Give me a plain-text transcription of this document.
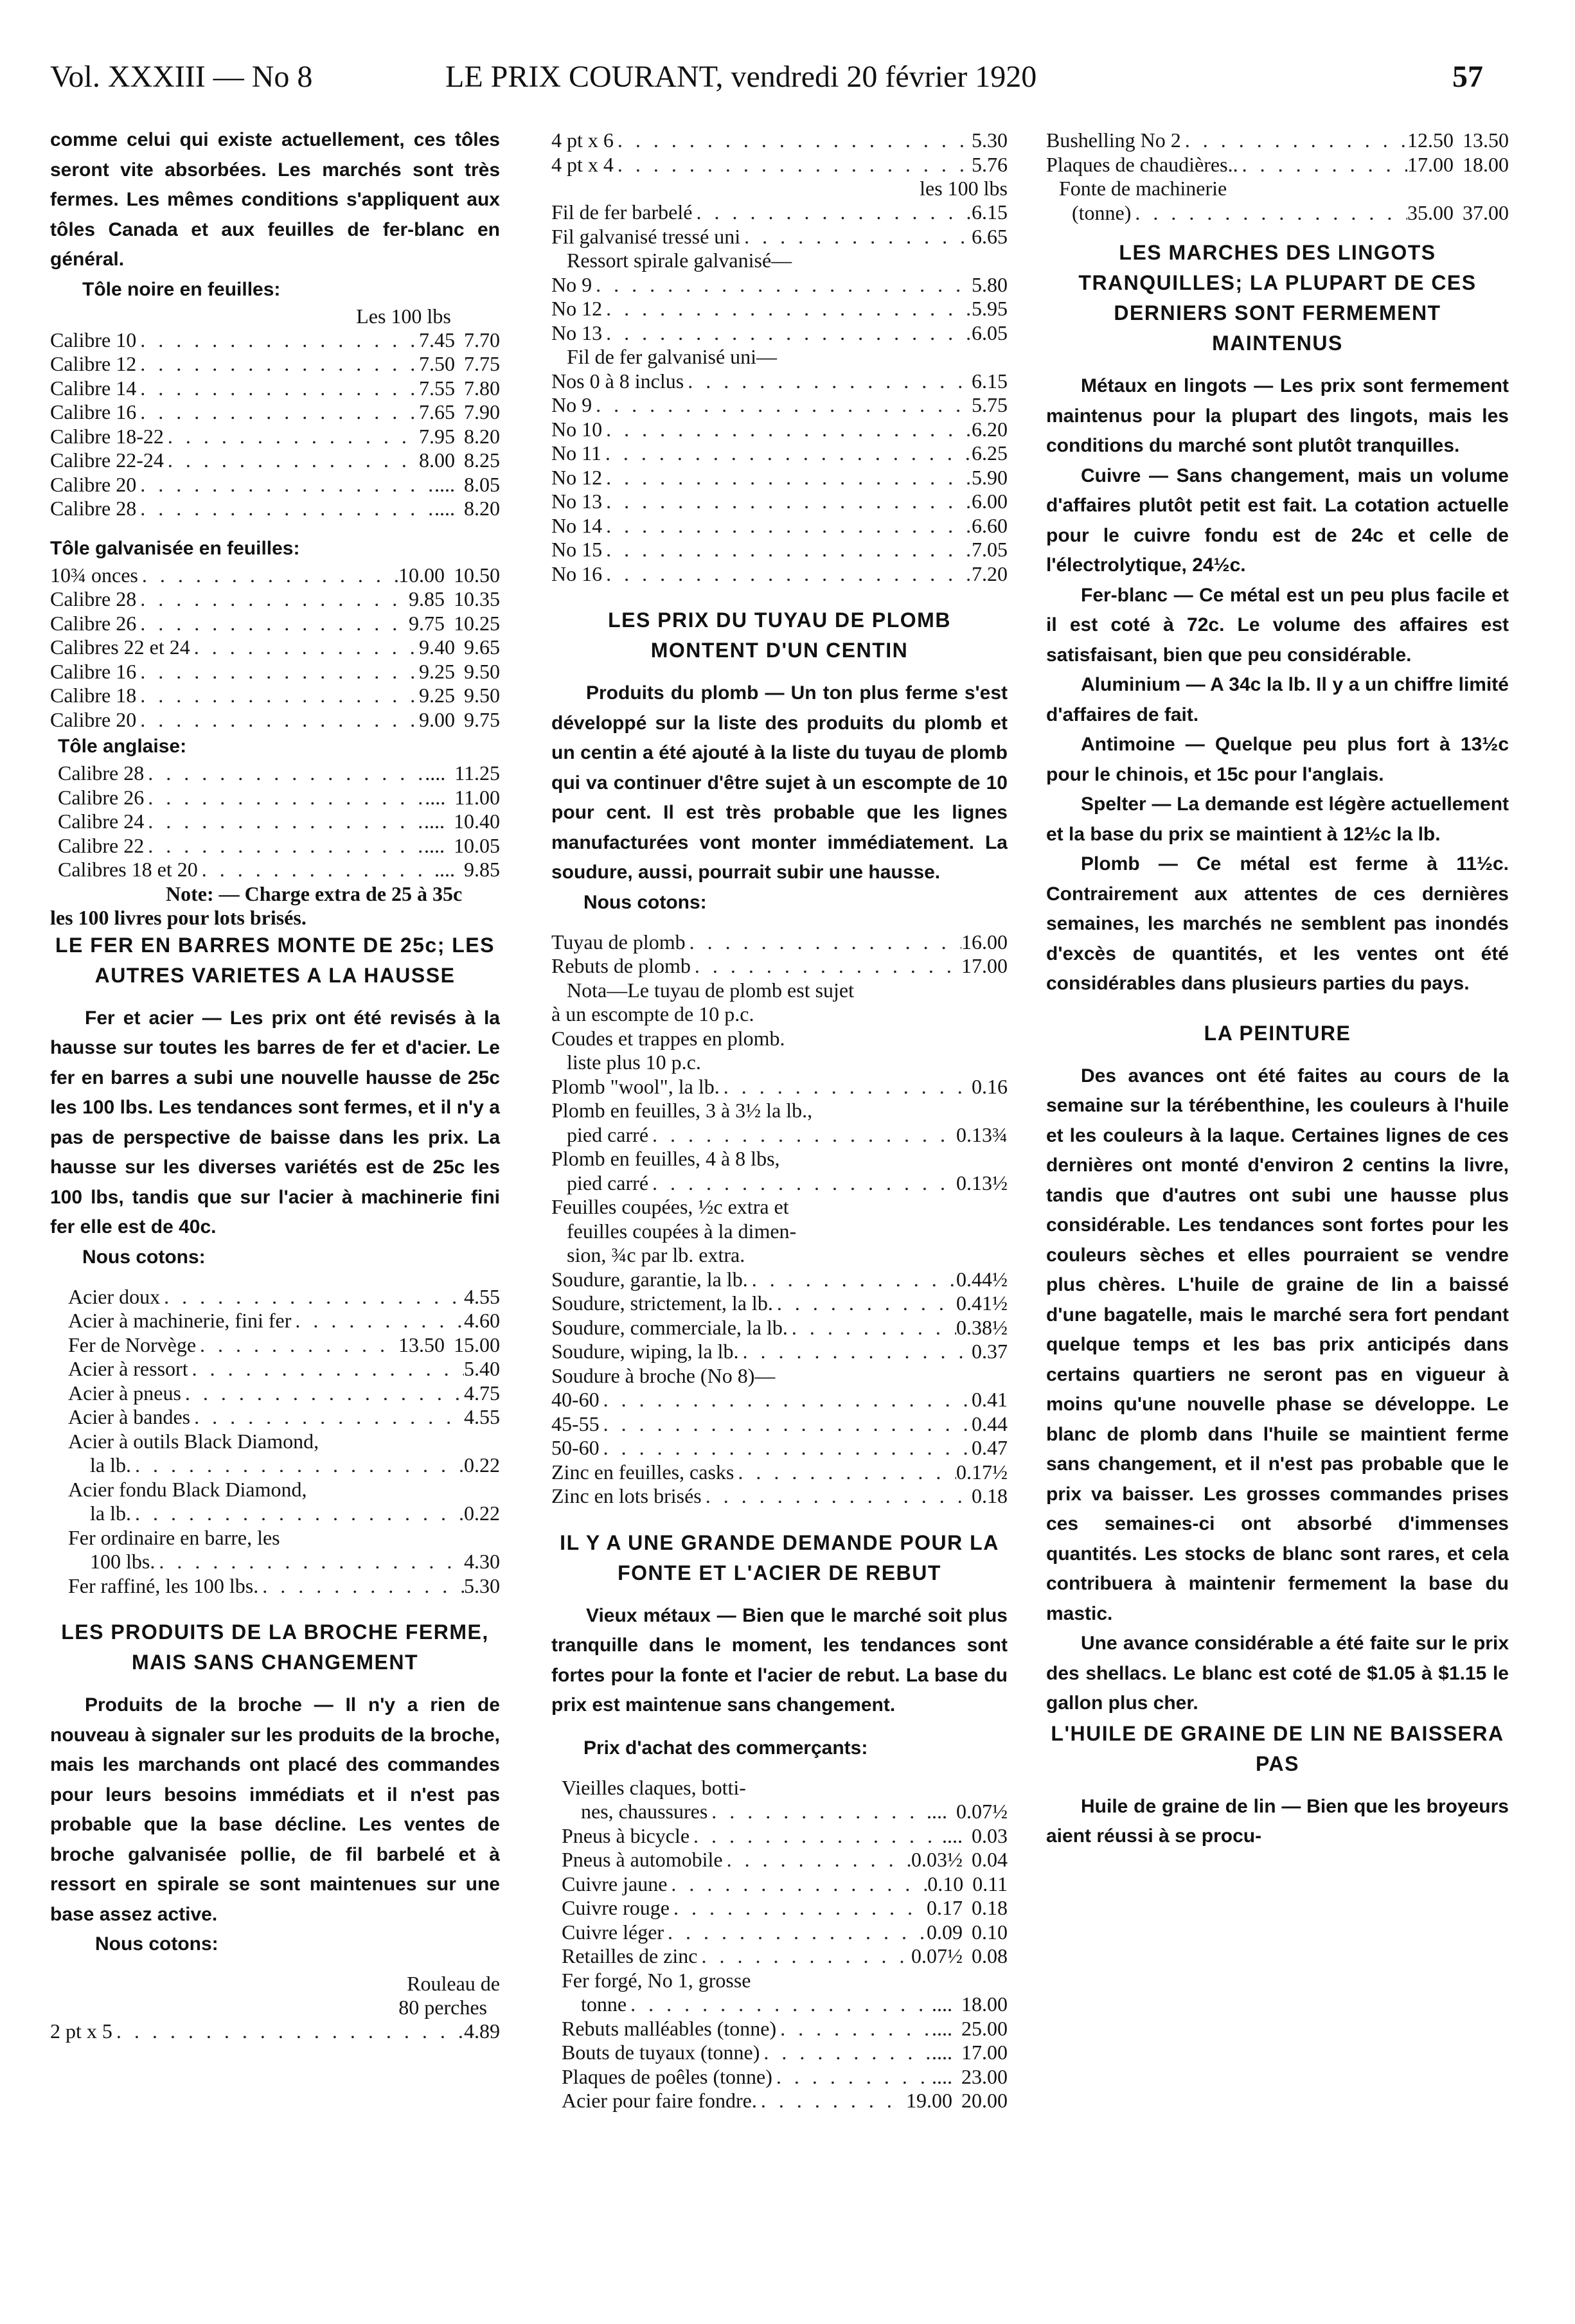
Vol. XXXIII — No 8	LE PRIX COURANT, vendredi 20 février 1920	57

comme celui qui existe actuellement, ces tôles seront vite absorbées. Les marchés sont très fermes. Les mêmes conditions s'appliquent aux tôles Canada et aux feuilles de fer-blanc en général.

Tôle noire en feuilles:
Les 100 lbs
Calibre 10 . . .	7.45 7.70
Calibre 12 . . .	7.50 7.75
Calibre 14 . . .	7.55 7.80
Calibre 16 . . .	7.65 7.90
Calibre 18-22 . . .	7.95 8.20
Calibre 22-24 . . .	8.00 8.25
Calibre 20 . . .	.... 8.05
Calibre 28 . . .	.... 8.20
Tôle galvanisée en feuilles:
10¾ onces . . .	10.00 10.50
Calibre 28 . . .	9.85 10.35
Calibre 26 . . .	9.75 10.25
Calibres 22 et 24 . . .	9.40 9.65
Calibre 16 . . .	9.25 9.50
Calibre 18 . . .	9.25 9.50
Calibre 20 . . .	9.00 9.75
Tôle anglaise:
Calibre 28 . . .	.... 11.25
Calibre 26 . . .	.... 11.00
Calibre 24 . . .	.... 10.40
Calibre 22 . . .	.... 10.05
Calibres 18 et 20 . . .	.... 9.85
Note: — Charge extra de 25 à 35c
les 100 livres pour lots brisés.
LE FER EN BARRES MONTE DE 25c; LES AUTRES VARIETES A LA HAUSSE

Fer et acier — Les prix ont été revisés à la hausse sur toutes les barres de fer et d'acier. Le fer en barres a subi une nouvelle hausse de 25c les 100 lbs. Les tendances sont fermes, et il n'y a pas de perspective de baisse dans les prix. La hausse sur les diverses variétés est de 25c les 100 lbs, tandis que sur l'acier à machinerie fini fer elle est de 40c.

Nous cotons:
Acier doux . . .	4.55
Acier à machinerie, fini fer . . .	4.60
Fer de Norvège . . .	13.50 15.00
Acier à ressort . . .	5.40
Acier à pneus . . .	4.75
Acier à bandes . . .	4.55
Acier à outils Black Diamond,
la lb. . . .	0.22
Acier fondu Black Diamond,
la lb. . . .	0.22
Fer ordinaire en barre, les
100 lbs. . . .	4.30
Fer raffiné, les 100 lbs. . . .	5.30
LES PRODUITS DE LA BROCHE FERME, MAIS SANS CHANGEMENT

Produits de la broche — Il n'y a rien de nouveau à signaler sur les produits de la broche, mais les marchands ont placé des commandes pour leurs besoins immédiats et il n'est pas probable que la base décline. Les ventes de broche galvanisée pollie, de fil barbelé et à ressort en spirale se sont maintenues sur une base assez active.

Nous cotons:
Rouleau de
80 perches
2 pt x 5 . . .	4.89
4 pt x 6 . . .	5.30
4 pt x 4 . . .	5.76
les 100 lbs
Fil de fer barbelé . . .	6.15
Fil galvanisé tressé uni . . .	6.65
Ressort spirale galvanisé—
No 9 . . .	5.80
No 12 . . .	5.95
No 13 . . .	6.05
Fil de fer galvanisé uni—
Nos 0 à 8 inclus . . .	6.15
No 9 . . .	5.75
No 10 . . .	6.20
No 11 . . .	6.25
No 12 . . .	5.90
No 13 . . .	6.00
No 14 . . .	6.60
No 15 . . .	7.05
No 16 . . .	7.20
LES PRIX DU TUYAU DE PLOMB MONTENT D'UN CENTIN

Produits du plomb — Un ton plus ferme s'est développé sur la liste des produits du plomb et un centin a été ajouté à la liste du tuyau de plomb qui va continuer d'être sujet à un escompte de 10 pour cent. Il est très probable que les lignes manufacturées vont monter immédiatement. La soudure, aussi, pourrait subir une hausse.

Nous cotons:
Tuyau de plomb . . .	16.00
Rebuts de plomb . . .	17.00
Nota—Le tuyau de plomb est sujet
à un escompte de 10 p.c.
Coudes et trappes en plomb.
liste plus 10 p.c.
Plomb "wool", la lb. . . .	0.16
Plomb en feuilles, 3 à 3½ la lb.,
pied carré . . .	0.13¾
Plomb en feuilles, 4 à 8 lbs,
pied carré . . .	0.13½
Feuilles coupées, ½c extra et
feuilles coupées à la dimen-
sion, ¾c par lb. extra.
Soudure, garantie, la lb. . . .	0.44½
Soudure, strictement, la lb. . . .	0.41½
Soudure, commerciale, la lb. . . .	0.38½
Soudure, wiping, la lb. . . .	0.37
Soudure à broche (No 8)—
40-60 . . .	0.41
45-55 . . .	0.44
50-60 . . .	0.47
Zinc en feuilles, casks . . .	0.17½
Zinc en lots brisés . . .	0.18
IL Y A UNE GRANDE DEMANDE POUR LA FONTE ET L'ACIER DE REBUT

Vieux métaux — Bien que le marché soit plus tranquille dans le moment, les tendances sont fortes pour la fonte et l'acier de rebut. La base du prix est maintenue sans changement.

Prix d'achat des commerçants:
Vieilles claques, botti-
nes, chaussures . . .	.... 0.07½
Pneus à bicycle . . .	.... 0.03
Pneus à automobile . . .	0.03½ 0.04
Cuivre jaune . . .	0.10 0.11
Cuivre rouge . . .	0.17 0.18
Cuivre léger . . .	0.09 0.10
Retailles de zinc . . .	0.07½ 0.08
Fer forgé, No 1, grosse
tonne . . .	.... 18.00
Rebuts malléables (tonne) . . .	.... 25.00
Bouts de tuyaux (tonne) . . .	.... 17.00
Plaques de poêles (tonne) . . .	.... 23.00
Acier pour faire fondre. . . .	19.00 20.00
Bushelling No 2 . . .	12.50 13.50
Plaques de chaudières.. . . .	17.00 18.00
Fonte de machinerie
(tonne) . . .	35.00 37.00
LES MARCHES DES LINGOTS TRANQUILLES; LA PLUPART DE CES DERNIERS SONT FERMEMENT MAINTENUS

Métaux en lingots — Les prix sont fermement maintenus pour la plupart des lingots, mais les conditions du marché sont plutôt tranquilles.

Cuivre — Sans changement, mais un volume d'affaires plutôt petit est fait. La cotation actuelle pour le cuivre fondu est de 24c et celle de l'électrolytique, 24½c.

Fer-blanc — Ce métal est un peu plus facile et il est coté à 72c. Le volume des affaires est satisfaisant, bien que peu considérable.

Aluminium — A 34c la lb. Il y a un chiffre limité d'affaires de fait.

Antimoine — Quelque peu plus fort à 13½c pour le chinois, et 15c pour l'anglais.

Spelter — La demande est légère actuellement et la base du prix se maintient à 12½c la lb.

Plomb — Ce métal est ferme à 11½c. Contrairement aux attentes de ces dernières semaines, les marchés ne semblent pas inondés d'excès de quantités, et les ventes ont été considérables dans plusieurs parties du pays.

LA PEINTURE

Des avances ont été faites au cours de la semaine sur la térébenthine, les couleurs à l'huile et les couleurs à la laque. Certaines lignes de ces dernières ont monté d'environ 2 centins la livre, tandis que d'autres ont subi une hausse plus considérable. Les tendances sont fortes pour les couleurs sèches et elles pourraient se vendre plus chères. L'huile de graine de lin a baissé d'une bagatelle, mais le marché sera fort pendant quelque temps et les bas prix anticipés dans certains quartiers ne seront pas en vigueur à moins qu'une nouvelle phase se développe. Le blanc de plomb dans l'huile se maintient ferme sans changement, et il n'est pas probable que le prix va baisser. Les grosses commandes prises ces semaines-ci ont absorbé d'immenses quantités. Les stocks de blanc sont rares, et cela contribuera à maintenir fermement la base du mastic.

Une avance considérable a été faite sur le prix des shellacs. Le blanc est coté de $1.05 à $1.15 le gallon plus cher.

L'HUILE DE GRAINE DE LIN NE BAISSERA PAS

Huile de graine de lin — Bien que les broyeurs aient réussi à se procu-
